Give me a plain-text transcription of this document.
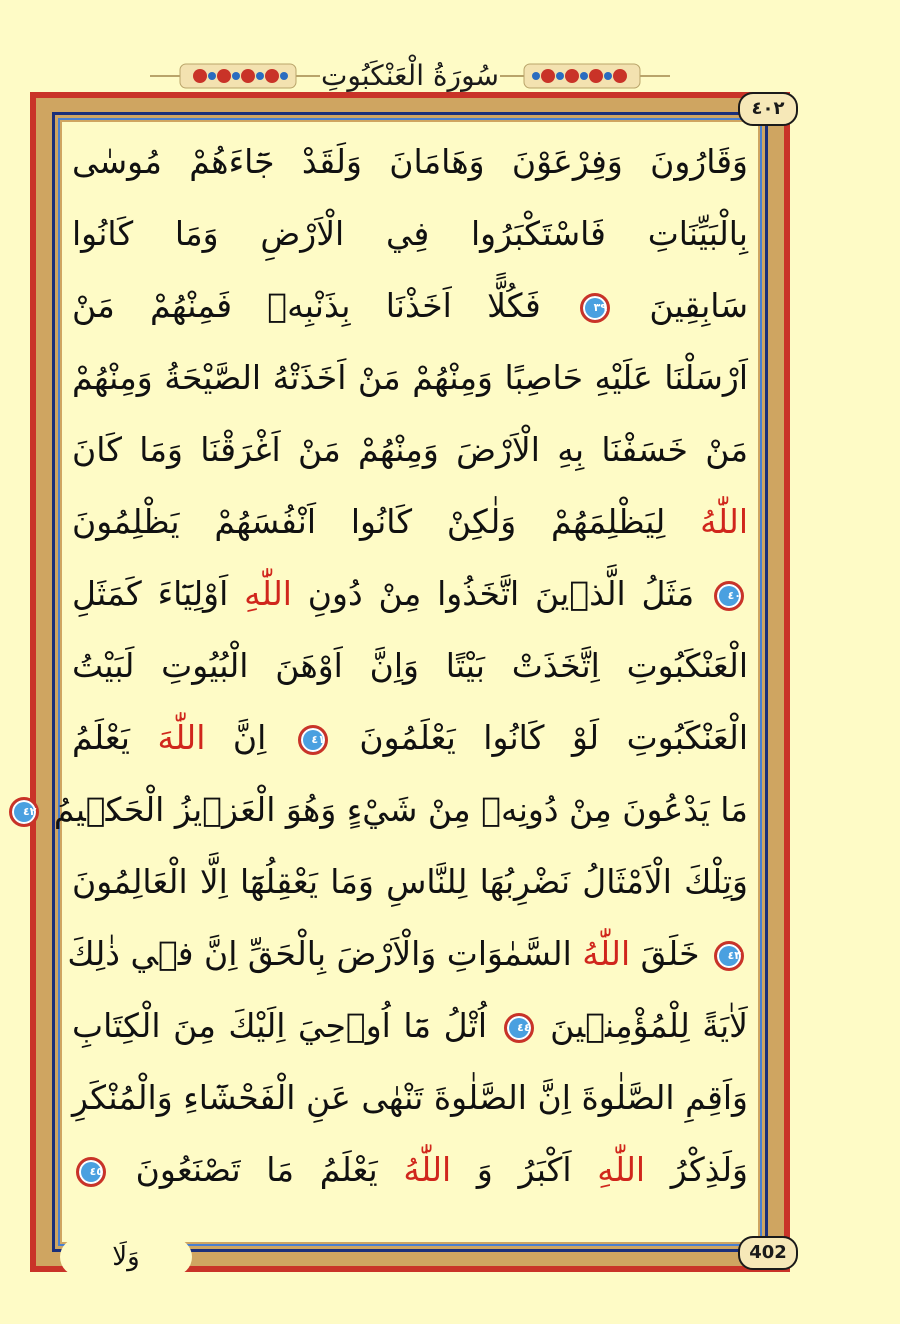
سُورَةُ الْعَنْكَبُوتِ
٤٠٢
وَقَارُونَ وَفِرْعَوْنَ وَهَامَانَ وَلَقَدْ جَٓاءَهُمْ مُوسٰى
بِالْبَيِّنَاتِ فَاسْتَكْبَرُوا فِي الْاَرْضِ وَمَا كَانُوا
سَابِقِينَ ٣٩ فَكُلًّا اَخَذْنَا بِذَنْبِه۪ فَمِنْهُمْ مَنْ
اَرْسَلْنَا عَلَيْهِ حَاصِبًا وَمِنْهُمْ مَنْ اَخَذَتْهُ الصَّيْحَةُ وَمِنْهُمْ
مَنْ خَسَفْنَا بِهِ الْاَرْضَ وَمِنْهُمْ مَنْ اَغْرَقْنَا وَمَا كَانَ
اللّٰهُ لِيَظْلِمَهُمْ وَلٰكِنْ كَانُوا اَنْفُسَهُمْ يَظْلِمُونَ
٤٠ مَثَلُ الَّذ۪ينَ اتَّخَذُوا مِنْ دُونِ اللّٰهِ اَوْلِيَٓاءَ كَمَثَلِ
الْعَنْكَبُوتِ اِتَّخَذَتْ بَيْتًا وَاِنَّ اَوْهَنَ الْبُيُوتِ لَبَيْتُ
الْعَنْكَبُوتِ لَوْ كَانُوا يَعْلَمُونَ ٤١ اِنَّ اللّٰهَ يَعْلَمُ
مَا يَدْعُونَ مِنْ دُونِه۪ مِنْ شَيْءٍ وَهُوَ الْعَز۪يزُ الْحَك۪يمُ ٤٢
وَتِلْكَ الْاَمْثَالُ نَضْرِبُهَا لِلنَّاسِ وَمَا يَعْقِلُهَٓا اِلَّا الْعَالِمُونَ
٤٣ خَلَقَ اللّٰهُ السَّمٰوَاتِ وَالْاَرْضَ بِالْحَقِّ اِنَّ ف۪ي ذٰلِكَ
لَاٰيَةً لِلْمُؤْمِن۪ينَ ٤٤ اُتْلُ مَٓا اُو۫حِيَ اِلَيْكَ مِنَ الْكِتَابِ
وَاَقِمِ الصَّلٰوةَ اِنَّ الصَّلٰوةَ تَنْهٰى عَنِ الْفَحْشَٓاءِ وَالْمُنْكَرِ
وَلَذِكْرُ اللّٰهِ اَكْبَرُ وَ اللّٰهُ يَعْلَمُ مَا تَصْنَعُونَ ٤٥
402
وَلَا
